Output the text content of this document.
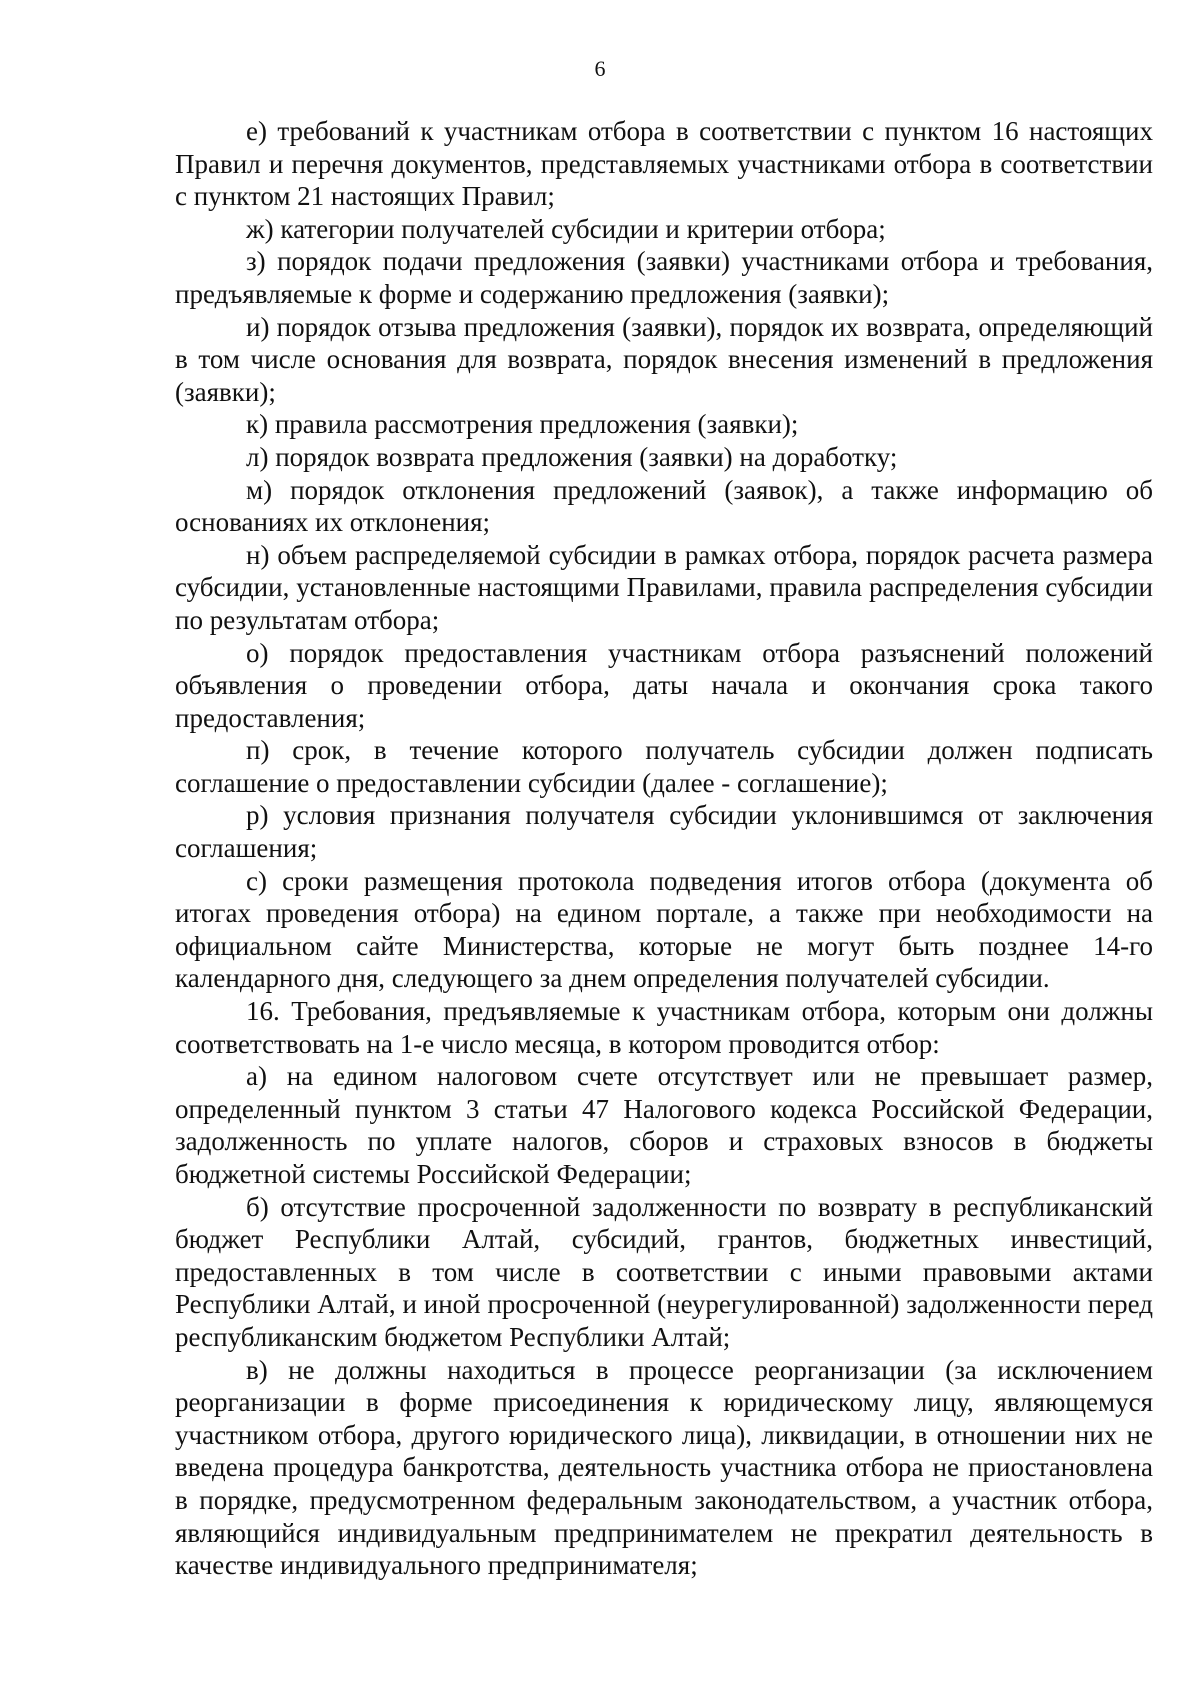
6

е) требований к участникам отбора в соответствии с пунктом 16 настоящих Правил и перечня документов, представляемых участниками отбора в соответствии с пунктом 21 настоящих Правил;

ж) категории получателей субсидии и критерии отбора;

з) порядок подачи предложения (заявки) участниками отбора и требования, предъявляемые к форме и содержанию предложения (заявки);

и) порядок отзыва предложения (заявки), порядок их возврата, определяющий в том числе основания для возврата, порядок внесения изменений в предложения (заявки);

к) правила рассмотрения предложения (заявки);

л) порядок возврата предложения (заявки) на доработку;

м) порядок отклонения предложений (заявок), а также информацию об основаниях их отклонения;

н) объем распределяемой субсидии в рамках отбора, порядок расчета размера субсидии, установленные настоящими Правилами, правила распределения субсидии по результатам отбора;

о) порядок предоставления участникам отбора разъяснений положений объявления о проведении отбора, даты начала и окончания срока такого предоставления;

п) срок, в течение которого получатель субсидии должен подписать соглашение о предоставлении субсидии (далее - соглашение);

р) условия признания получателя субсидии уклонившимся от заключения соглашения;

с) сроки размещения протокола подведения итогов отбора (документа об итогах проведения отбора) на едином портале, а также при необходимости на официальном сайте Министерства, которые не могут быть позднее 14-го календарного дня, следующего за днем определения получателей субсидии.

16. Требования, предъявляемые к участникам отбора, которым они должны соответствовать на 1-е число месяца, в котором проводится отбор:

а) на едином налоговом счете отсутствует или не превышает размер, определенный пунктом 3 статьи 47 Налогового кодекса Российской Федерации, задолженность по уплате налогов, сборов и страховых взносов в бюджеты бюджетной системы Российской Федерации;

б) отсутствие просроченной задолженности по возврату в республиканский бюджет Республики Алтай, субсидий, грантов, бюджетных инвестиций, предоставленных в том числе в соответствии с иными правовыми актами Республики Алтай, и иной просроченной (неурегулированной) задолженности перед республиканским бюджетом Республики Алтай;

в) не должны находиться в процессе реорганизации (за исключением реорганизации в форме присоединения к юридическому лицу, являющемуся участником отбора, другого юридического лица), ликвидации, в отношении них не введена процедура банкротства, деятельность участника отбора не приостановлена в порядке, предусмотренном федеральным законодательством, а участник отбора, являющийся индивидуальным предпринимателем не прекратил деятельность в качестве индивидуального предпринимателя;
